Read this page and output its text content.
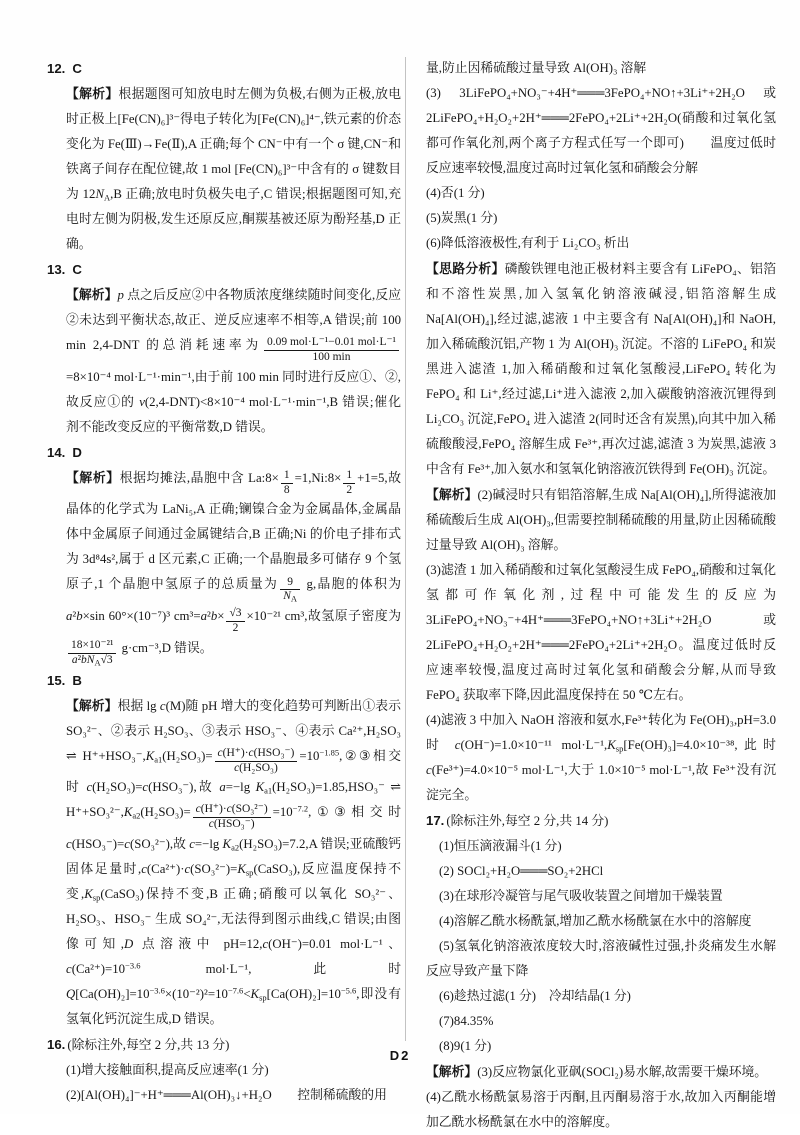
12. C
【解析】根据题图可知放电时左侧为负极,右侧为正极,放电时正极上[Fe(CN)₆]³⁻得电子转化为[Fe(CN)₆]⁴⁻,铁元素的价态变化为 Fe(Ⅲ)→Fe(Ⅱ),A 正确;每个 CN⁻中有一个 σ 键,CN⁻和铁离子间存在配位键,故 1 mol [Fe(CN)₆]³⁻中含有的 σ 键数目为 $12N_A,B$ 正确;放电时负极失电子,C 错误;根据题图可知,充电时左侧为阴极,发生还原反应,酮羰基被还原为酚羟基,D 正确。
13. C
【解析】p 点之后反应②中各物质浓度继续随时间变化,反应②未达到平衡状态,故正、逆反应速率不相等,A 错误;前 100 min 2,4-DNT 的总消耗速率为 $\frac{\text{0.09 mol·L⁻¹−0.01 mol·L⁻¹}}{100 \min}$
=8×10⁻⁴ mol·L⁻¹·min⁻¹,由于前 100 min 同时进行反应①、②,故反应①的 v(2,4-DNT)<8×10⁻⁴ mol·L⁻¹·min⁻¹,B 错误;催化剂不能改变反应的平衡常数,D 错误。
14. D
【解析】根据均摊法,晶胞中含 La:8× $\frac{1}{8}$ =1,Ni:8× $\frac{1}{2} +1=5$,故晶体的化学式为 LaNi₅,A 正确;镧镍合金为金属晶体,金属晶体中金属原子间通过金属键结合,B 正确;Ni 的价电子排布式为 3d⁸4s²,属于 d 区元素,C 正确;一个晶胞最多可储存 9 个氢原子,1 个晶胞中氢原子的总质量为 $\frac{9}{N_A} g$,晶胞的体积为 a²b×sin 60°×(10⁻⁷)³ $cm^3=a^2b\times \frac{√3}{2} \times 10^{-21}$ cm³,故氢原子密度为
$\frac{\text{18×10⁻²¹}}{a^2bN_A√3} g\cdot cm^{-3},D$ 错误。
15. B
【解析】根据 lg c(M)随 pH 增大的变化趋势可判断出①表示 SO₃²⁻、②表示 H₂SO₃、③表示 HSO₃⁻、④表示 Ca²⁺,H₂SO₃ ⇌ $H^++HSO_3^-,K_{a1}(H_2SO_3)= \frac{\text{c(H⁺)·c(HSO₃⁻)}}{\text{c(H₂SO₃)}}$ $=10^{-1.85},②③$相交时 c(H₂SO₃)=c(HSO₃⁻),故 a=−lg $K_{a1}(H_2SO_3)=1.85,HSO_3^-$ ⇌ $H^++SO_3^{2-},K_{a2}(H_2SO_3)= \frac{\text{c(H⁺)·c(SO₃²⁻)}}{\text{c(HSO₃⁻)}}$ $=10^{-7.2},①③$相交时 c(HSO₃⁻)=c(SO₃²⁻),故 c=−lg $K_{a2}(H_2SO_3)=7.2,A$ 错误;亚硫酸钙固体足量时$,c(Ca^{2+})\cdot c(SO_3^{2-})=K_{sp}(CaSO_3)$,反应温度保持不变$,K_{sp}(CaSO_3)$保持不变,B 正确;硝酸可以氧化 SO₃²⁻、H₂SO₃、HSO₃⁻ 生成 SO₄²⁻,无法得到图示曲线,C 错误;由图像可知,D 点溶液中 pH=12,c(OH⁻)=0.01 mol·L⁻¹、$c(Ca^{2+})=10^{-3.6}$ mol·L⁻¹,此时 $Q[Ca(OH)_2]=10^{-3.6}\times(10^{-2})^2=10^{-7.6}<K_{sp}[Ca(OH)_2]=10^{-5.6}$,即没有氢氧化钙沉淀生成,D 错误。
16. (除标注外,每空 2 分,共 13 分)
(1)增大接触面积,提高反应速率(1 分)
(2)[Al(OH)₄]⁻+H⁺═══Al(OH)₃↓+H₂O　　控制稀硫酸的用
量,防止因稀硫酸过量导致 Al(OH)₃ 溶解
(3) 3LiFePO₄+NO₃⁻+4H⁺═══3FePO₄+NO↑+3Li⁺+2H₂O 或 2LiFePO₄+H₂O₂+2H⁺═══2FePO₄+2Li⁺+2H₂O(硝酸和过氧化氢都可作氧化剂,两个离子方程式任写一个即可)　　温度过低时反应速率较慢,温度过高时过氧化氢和硝酸会分解
(4)否(1 分)
(5)炭黑(1 分)
(6)降低溶液极性,有利于 Li₂CO₃ 析出
【思路分析】磷酸铁锂电池正极材料主要含有 LiFePO₄、铝箔和不溶性炭黑,加入氢氧化钠溶液碱浸,铝箔溶解生成 Na[Al(OH)₄],经过滤,滤液 1 中主要含有 Na[Al(OH)₄]和 NaOH,加入稀硫酸沉铝,产物 1 为 Al(OH)₃ 沉淀。不溶的 LiFePO₄ 和炭黑进入滤渣 1,加入稀硝酸和过氧化氢酸浸,LiFePO₄ 转化为 FePO₄ 和 Li⁺,经过滤,Li⁺进入滤液 2,加入碳酸钠溶液沉锂得到 Li₂CO₃ 沉淀,FePO₄ 进入滤渣 2(同时还含有炭黑),向其中加入稀硫酸酸浸,FePO₄ 溶解生成 Fe³⁺,再次过滤,滤渣 3 为炭黑,滤液 3 中含有 Fe³⁺,加入氨水和氢氧化钠溶液沉铁得到 Fe(OH)₃ 沉淀。
【解析】(2)碱浸时只有铝箔溶解,生成 Na[Al(OH)₄],所得滤液加稀硫酸后生成 Al(OH)₃,但需要控制稀硫酸的用量,防止因稀硫酸过量导致 Al(OH)₃ 溶解。
(3)滤渣 1 加入稀硝酸和过氧化氢酸浸生成 FePO₄,硝酸和过氧化氢都可作氧化剂,过程中可能发生的反应为 3LiFePO₄+NO₃⁻+4H⁺═══3FePO₄+NO↑+3Li⁺+2H₂O 或 2LiFePO₄+H₂O₂+2H⁺═══2FePO₄+2Li⁺+2H₂O。温度过低时反应速率较慢,温度过高时过氧化氢和硝酸会分解,从而导致 FePO₄ 获取率下降,因此温度保持在 50 ℃左右。
(4)滤液 3 中加入 NaOH 溶液和氨水,Fe³⁺转化为 Fe(OH)₃,pH=3.0 时 c(OH⁻)=1.0×10⁻¹¹ $mol\cdot L^{-1},K_{sp}[Fe(OH)_3]=4.0\times 10^{-38}$,此时 c(Fe³⁺)=4.0×10⁻⁵ mol·L⁻¹,大于 1.0×10⁻⁵ mol·L⁻¹,故 Fe³⁺没有沉淀完全。
17. (除标注外,每空 2 分,共 14 分)
(1)恒压滴液漏斗(1 分)
(2) SOCl₂+H₂O═══SO₂+2HCl
(3)在球形冷凝管与尾气吸收装置之间增加干燥装置
(4)溶解乙酰水杨酰氯,增加乙酰水杨酰氯在水中的溶解度
(5)氢氧化钠溶液浓度较大时,溶液碱性过强,扑炎痛发生水解反应导致产量下降
(6)趁热过滤(1 分)　冷却结晶(1 分)
(7)84.35%
(8)9(1 分)
【解析】(3)反应物氯化亚砜(SOCl₂)易水解,故需要干燥环境。
(4)乙酰水杨酰氯易溶于丙酮,且丙酮易溶于水,故加入丙酮能增加乙酰水杨酰氯在水中的溶解度。
D2
